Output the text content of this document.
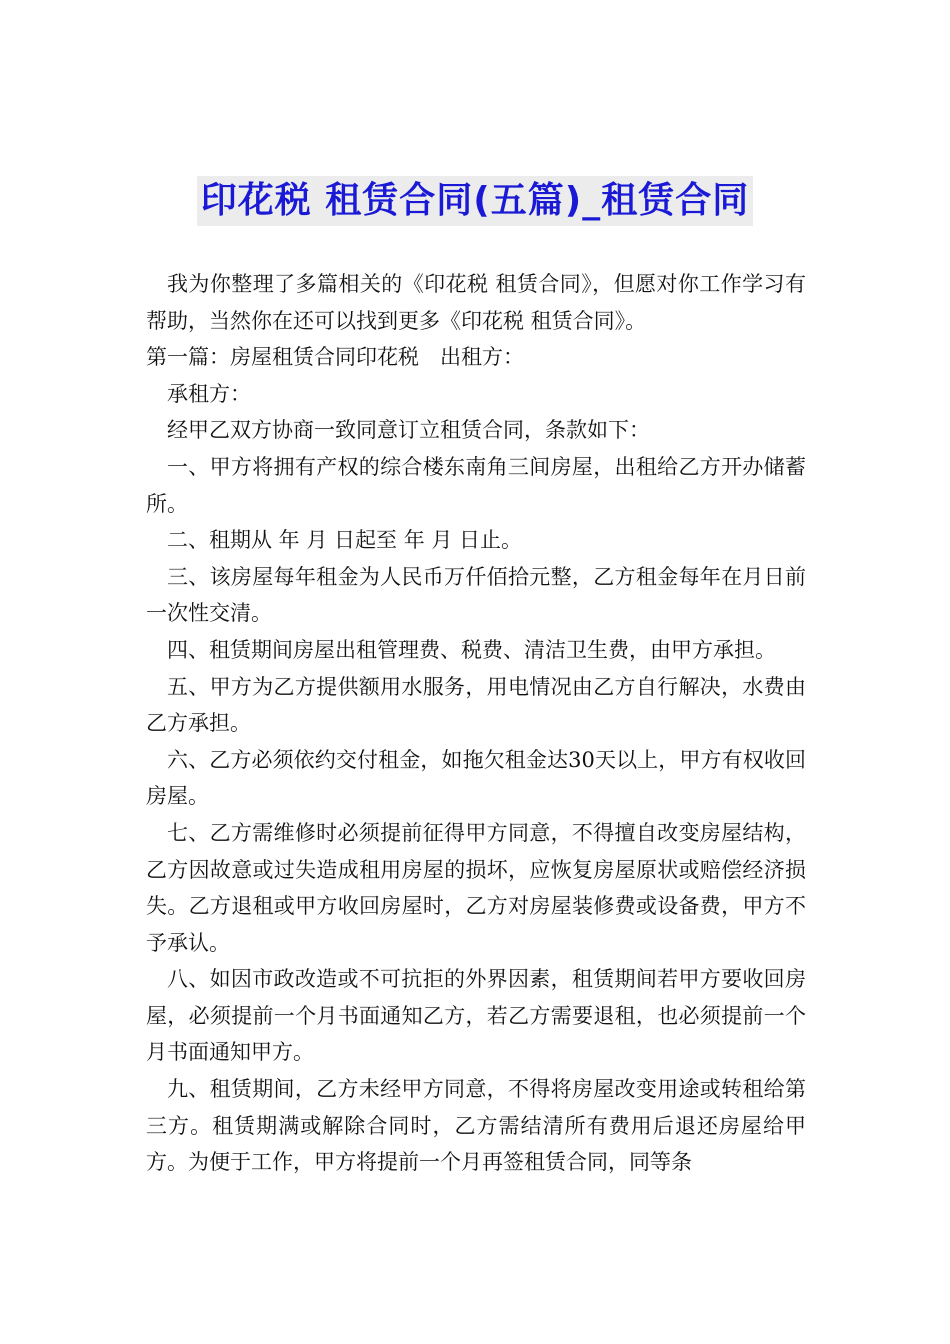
印花税 租赁合同(五篇)_租赁合同

我为你整理了多篇相关的《印花税 租赁合同》，但愿对你工作学习有帮助，当然你在还可以找到更多《印花税 租赁合同》。

第一篇：房屋租赁合同印花税　出租方：

承租方：

经甲乙双方协商一致同意订立租赁合同，条款如下：

一、甲方将拥有产权的综合楼东南角三间房屋，出租给乙方开办储蓄所。

二、租期从 年 月 日起至 年 月 日止。

三、该房屋每年租金为人民币万仟佰拾元整，乙方租金每年在月日前一次性交清。

四、租赁期间房屋出租管理费、税费、清洁卫生费，由甲方承担。

五、甲方为乙方提供额用水服务，用电情况由乙方自行解决，水费由乙方承担。

六、乙方必须依约交付租金，如拖欠租金达30天以上，甲方有权收回房屋。

七、乙方需维修时必须提前征得甲方同意，不得擅自改变房屋结构，乙方因故意或过失造成租用房屋的损坏，应恢复房屋原状或赔偿经济损失。乙方退租或甲方收回房屋时，乙方对房屋装修费或设备费，甲方不予承认。

八、如因市政改造或不可抗拒的外界因素，租赁期间若甲方要收回房屋，必须提前一个月书面通知乙方，若乙方需要退租，也必须提前一个月书面通知甲方。

九、租赁期间，乙方未经甲方同意，不得将房屋改变用途或转租给第三方。租赁期满或解除合同时，乙方需结清所有费用后退还房屋给甲方。为便于工作，甲方将提前一个月再签租赁合同，同等条
